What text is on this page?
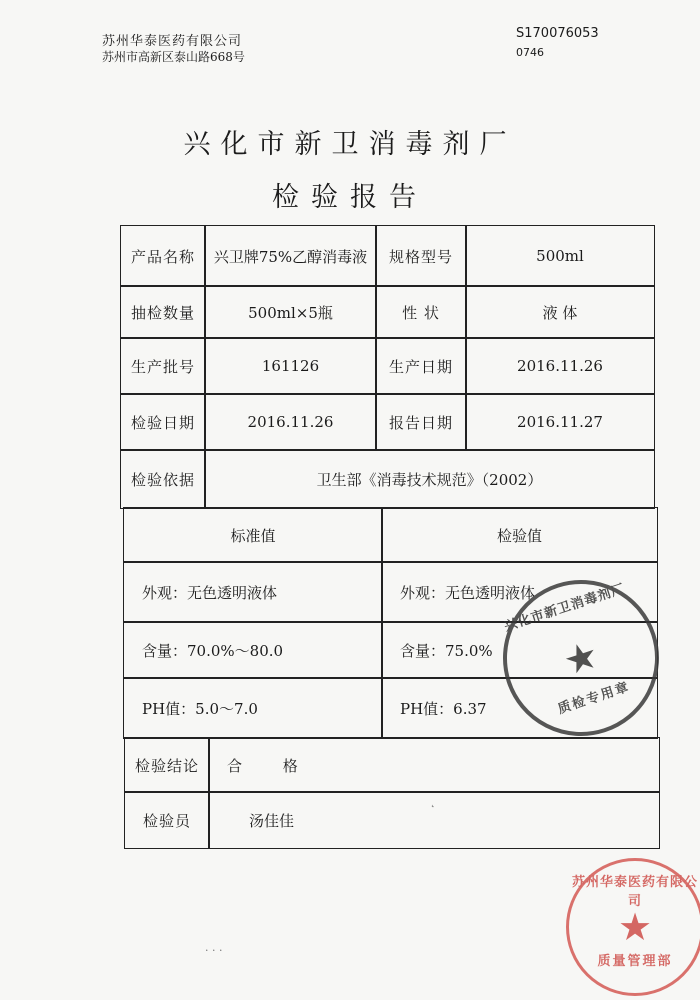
苏州华泰医药有限公司
苏州市高新区泰山路668号
S170076053
0746
兴化市新卫消毒剂厂
检验报告
产品名称	兴卫牌75%乙醇消毒液	规格型号	500ml
抽检数量	500ml×5瓶	性 状	液 体
生产批号	161126	生产日期	2016.11.26
检验日期	2016.11.26	报告日期	2016.11.27
检验依据	卫生部《消毒技术规范》（2002）
标准值	检验值
外观：无色透明液体	外观：无色透明液体
含量：70.0%～80.0	含量：75.0%
PH值：5.0～7.0	PH值：6.37
检验结论	合 格
检验员	汤佳佳
兴化市新卫消毒剂厂
★
质检专用章
苏州华泰医药有限公司
★
质量管理部
· · ·
˛
